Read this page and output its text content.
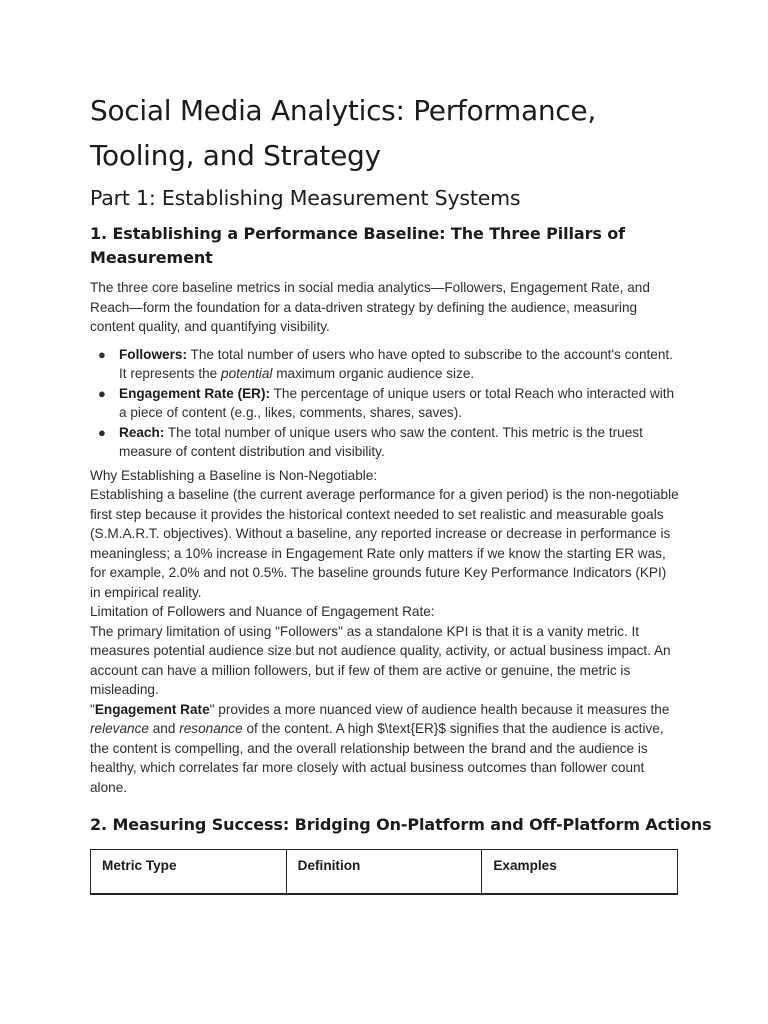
Social Media Analytics: Performance, Tooling, and Strategy
Part 1: Establishing Measurement Systems
1. Establishing a Performance Baseline: The Three Pillars of Measurement

The three core baseline metrics in social media analytics—Followers, Engagement Rate, and Reach—form the foundation for a data-driven strategy by defining the audience, measuring content quality, and quantifying visibility.

● Followers: The total number of users who have opted to subscribe to the account's content. It represents the potential maximum organic audience size.
● Engagement Rate (ER): The percentage of unique users or total Reach who interacted with a piece of content (e.g., likes, comments, shares, saves).
● Reach: The total number of unique users who saw the content. This metric is the truest measure of content distribution and visibility.

Why Establishing a Baseline is Non-Negotiable:

Establishing a baseline (the current average performance for a given period) is the non-negotiable first step because it provides the historical context needed to set realistic and measurable goals (S.M.A.R.T. objectives). Without a baseline, any reported increase or decrease in performance is meaningless; a 10% increase in Engagement Rate only matters if we know the starting ER was, for example, 2.0% and not 0.5%. The baseline grounds future Key Performance Indicators (KPI) in empirical reality.

Limitation of Followers and Nuance of Engagement Rate:

The primary limitation of using "Followers" as a standalone KPI is that it is a vanity metric. It measures potential audience size but not audience quality, activity, or actual business impact. An account can have a million followers, but if few of them are active or genuine, the metric is misleading.

"Engagement Rate" provides a more nuanced view of audience health because it measures the relevance and resonance of the content. A high $\text{ER}$ signifies that the audience is active, the content is compelling, and the overall relationship between the brand and the audience is healthy, which correlates far more closely with actual business outcomes than follower count alone.

2. Measuring Success: Bridging On-Platform and Off-Platform Actions
Metric Type	Definition	Examples
